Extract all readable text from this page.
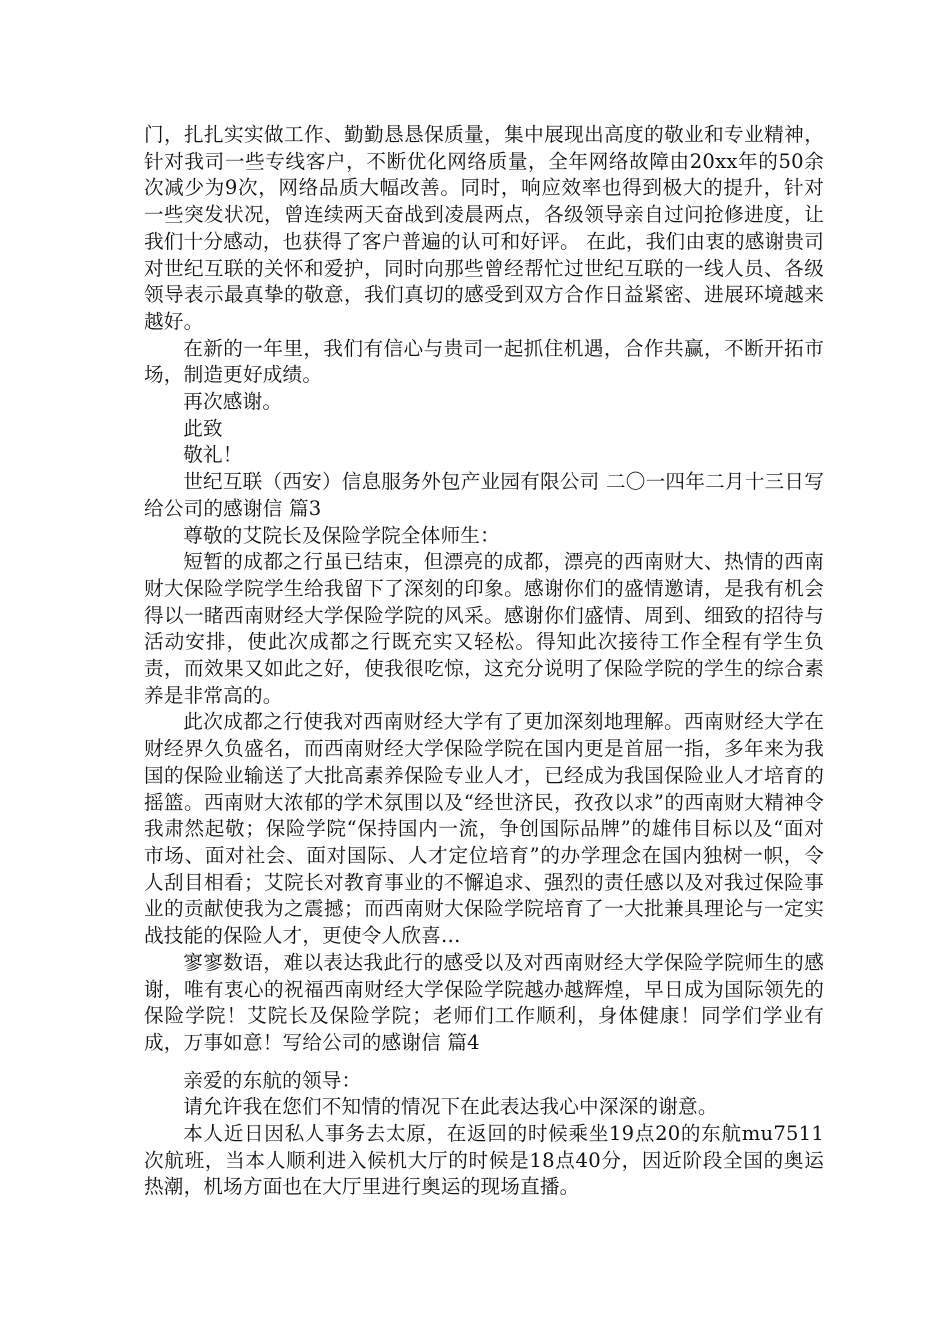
门，扎扎实实做工作、勤勤恳恳保质量，集中展现出高度的敬业和专业精神，针对我司一些专线客户，不断优化网络质量，全年网络故障由20xx年的50余次减少为9次，网络品质大幅改善。同时，响应效率也得到极大的提升，针对一些突发状况，曾连续两天奋战到凌晨两点，各级领导亲自过问抢修进度，让我们十分感动，也获得了客户普遍的认可和好评。 在此，我们由衷的感谢贵司对世纪互联的关怀和爱护，同时向那些曾经帮忙过世纪互联的一线人员、各级领导表示最真挚的敬意，我们真切的感受到双方合作日益紧密、进展环境越来越好。

在新的一年里，我们有信心与贵司一起抓住机遇，合作共赢，不断开拓市场，制造更好成绩。

再次感谢。

此致

敬礼！

世纪互联（西安）信息服务外包产业园有限公司 二〇一四年二月十三日写给公司的感谢信 篇3

尊敬的艾院长及保险学院全体师生：

短暂的成都之行虽已结束，但漂亮的成都，漂亮的西南财大、热情的西南财大保险学院学生给我留下了深刻的印象。感谢你们的盛情邀请，是我有机会得以一睹西南财经大学保险学院的风采。感谢你们盛情、周到、细致的招待与活动安排，使此次成都之行既充实又轻松。得知此次接待工作全程有学生负责，而效果又如此之好，使我很吃惊，这充分说明了保险学院的学生的综合素养是非常高的。

此次成都之行使我对西南财经大学有了更加深刻地理解。西南财经大学在财经界久负盛名，而西南财经大学保险学院在国内更是首屈一指，多年来为我国的保险业输送了大批高素养保险专业人才，已经成为我国保险业人才培育的摇篮。西南财大浓郁的学术氛围以及“经世济民，孜孜以求”的西南财大精神令我肃然起敬；保险学院“保持国内一流，争创国际品牌”的雄伟目标以及“面对市场、面对社会、面对国际、人才定位培育”的办学理念在国内独树一帜，令人刮目相看；艾院长对教育事业的不懈追求、强烈的责任感以及对我过保险事业的贡献使我为之震撼；而西南财大保险学院培育了一大批兼具理论与一定实战技能的保险人才，更使令人欣喜…

寥寥数语，难以表达我此行的感受以及对西南财经大学保险学院师生的感谢，唯有衷心的祝福西南财经大学保险学院越办越辉煌，早日成为国际领先的保险学院！艾院长及保险学院；老师们工作顺利，身体健康！同学们学业有成，万事如意！写给公司的感谢信 篇4

亲爱的东航的领导：

请允许我在您们不知情的情况下在此表达我心中深深的谢意。

本人近日因私人事务去太原，在返回的时候乘坐19点20的东航mu7511次航班，当本人顺利进入候机大厅的时候是18点40分，因近阶段全国的奥运热潮，机场方面也在大厅里进行奥运的现场直播。
